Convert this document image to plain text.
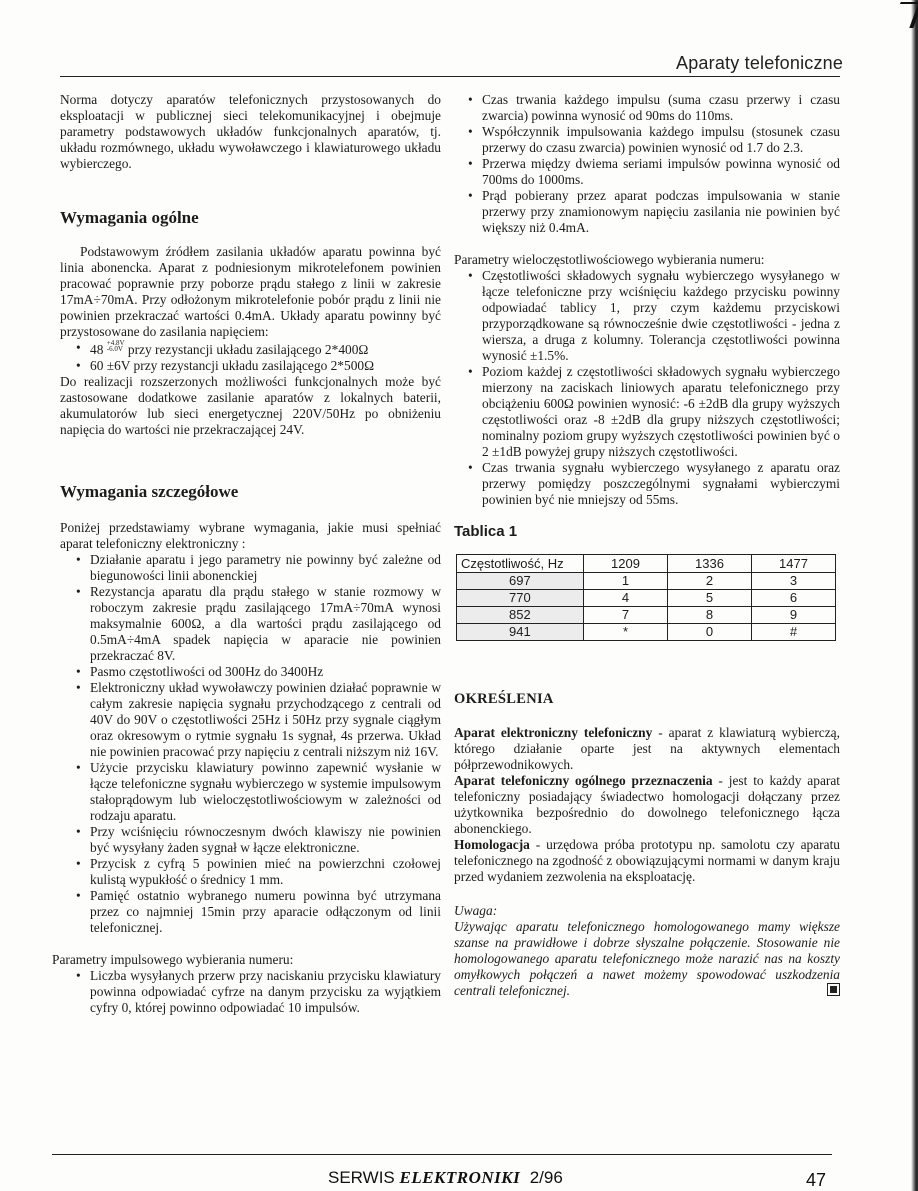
Aparaty telefoniczne

Norma dotyczy aparatów telefonicznych przystosowanych do eksploatacji w publicznej sieci telekomunikacyjnej i obejmuje parametry podstawowych układów funkcjonalnych aparatów, tj. układu rozmównego, układu wywoławczego i klawiaturowego układu wybierczego.

Wymagania ogólne

Podstawowym źródłem zasilania układów aparatu powinna być linia abonencka. Aparat z podniesionym mikrotelefonem powinien pracować poprawnie przy poborze prądu stałego z linii w zakresie 17mA÷70mA. Przy odłożonym mikrotelefonie pobór prądu z linii nie powinien przekraczać wartości 0.4mA. Układy aparatu powinny być przystosowane do zasilania napięciem:

• 48 $^{+4.8V -6.0V}$ przy rezystancji układu zasilającego 2*400Ω
• 60 ±6V przy rezystancji układu zasilającego 2*500Ω

Do realizacji rozszerzonych możliwości funkcjonalnych może być zastosowane dodatkowe zasilanie aparatów z lokalnych baterii, akumulatorów lub sieci energetycznej 220V/50Hz po obniżeniu napięcia do wartości nie przekraczającej 24V.

Wymagania szczegółowe

Poniżej przedstawiamy wybrane wymagania, jakie musi spełniać aparat telefoniczny elektroniczny :

• Działanie aparatu i jego parametry nie powinny być zależne od biegunowości linii abonenckiej
• Rezystancja aparatu dla prądu stałego w stanie rozmowy w roboczym zakresie prądu zasilającego 17mA÷70mA wynosi maksymalnie 600Ω, a dla wartości prądu zasilającego od 0.5mA÷4mA spadek napięcia w aparacie nie powinien przekraczać 8V.
• Pasmo częstotliwości od 300Hz do 3400Hz
• Elektroniczny układ wywoławczy powinien działać poprawnie w całym zakresie napięcia sygnału przychodzącego z centrali od 40V do 90V o częstotliwości 25Hz i 50Hz przy sygnale ciągłym oraz okresowym o rytmie sygnału 1s sygnał, 4s przerwa. Układ nie powinien pracować przy napięciu z centrali niższym niż 16V.
• Użycie przycisku klawiatury powinno zapewnić wysłanie w łącze telefoniczne sygnału wybierczego w systemie impulsowym stałoprądowym lub wieloczęstotliwościowym w zależności od rodzaju aparatu.
• Przy wciśnięciu równoczesnym dwóch klawiszy nie powinien być wysyłany żaden sygnał w łącze elektroniczne.
• Przycisk z cyfrą 5 powinien mieć na powierzchni czołowej kulistą wypukłość o średnicy 1 mm.
• Pamięć ostatnio wybranego numeru powinna być utrzymana przez co najmniej 15min przy aparacie odłączonym od linii telefonicznej.

Parametry impulsowego wybierania numeru:

• Liczba wysyłanych przerw przy naciskaniu przycisku klawiatury powinna odpowiadać cyfrze na danym przycisku za wyjątkiem cyfry 0, której powinno odpowiadać 10 impulsów.
• Czas trwania każdego impulsu (suma czasu przerwy i czasu zwarcia) powinna wynosić od 90ms do 110ms.
• Współczynnik impulsowania każdego impulsu (stosunek czasu przerwy do czasu zwarcia) powinien wynosić od 1.7 do 2.3.
• Przerwa między dwiema seriami impulsów powinna wynosić od 700ms do 1000ms.
• Prąd pobierany przez aparat podczas impulsowania w stanie przerwy przy znamionowym napięciu zasilania nie powinien być większy niż 0.4mA.

Parametry wieloczęstotliwościowego wybierania numeru:

• Częstotliwości składowych sygnału wybierczego wysyłanego w łącze telefoniczne przy wciśnięciu każdego przycisku powinny odpowiadać tablicy 1, przy czym każdemu przyciskowi przyporządkowane są równocześnie dwie częstotliwości - jedna z wiersza, a druga z kolumny. Tolerancja częstotliwości powinna wynosić ±1.5%.
• Poziom każdej z częstotliwości składowych sygnału wybierczego mierzony na zaciskach liniowych aparatu telefonicznego przy obciążeniu 600Ω powinien wynosić: -6 ±2dB dla grupy wyższych częstotliwości oraz -8 ±2dB dla grupy niższych częstotliwości; nominalny poziom grupy wyższych częstotliwości powinien być o 2 ±1dB powyżej grupy niższych częstotliwości.
• Czas trwania sygnału wybierczego wysyłanego z aparatu oraz przerwy pomiędzy poszczególnymi sygnałami wybierczymi powinien być nie mniejszy od 55ms.

Tablica 1

Częstotliwość, Hz	1209	1336	1477
697	1	2	3
770	4	5	6
852	7	8	9
941	*	0	#

OKREŚLENIA

Aparat elektroniczny telefoniczny - aparat z klawiaturą wybierczą, którego działanie oparte jest na aktywnych elementach półprzewodnikowych.

Aparat telefoniczny ogólnego przeznaczenia - jest to każdy aparat telefoniczny posiadający świadectwo homologacji dołączany przez użytkownika bezpośrednio do dowolnego telefonicznego łącza abonenckiego.

Homologacja - urzędowa próba prototypu np. samolotu czy aparatu telefonicznego na zgodność z obowiązującymi normami w danym kraju przed wydaniem zezwolenia na eksploatację.

Uwaga:

Używając aparatu telefonicznego homologowanego mamy większe szanse na prawidłowe i dobrze słyszalne połączenie. Stosowanie nie homologowanego aparatu telefonicznego może narazić nas na koszty omyłkowych połączeń a nawet możemy spowodować uszkodzenia centrali telefonicznej.

SERWIS ELEKTRONIKI 2/96	47
